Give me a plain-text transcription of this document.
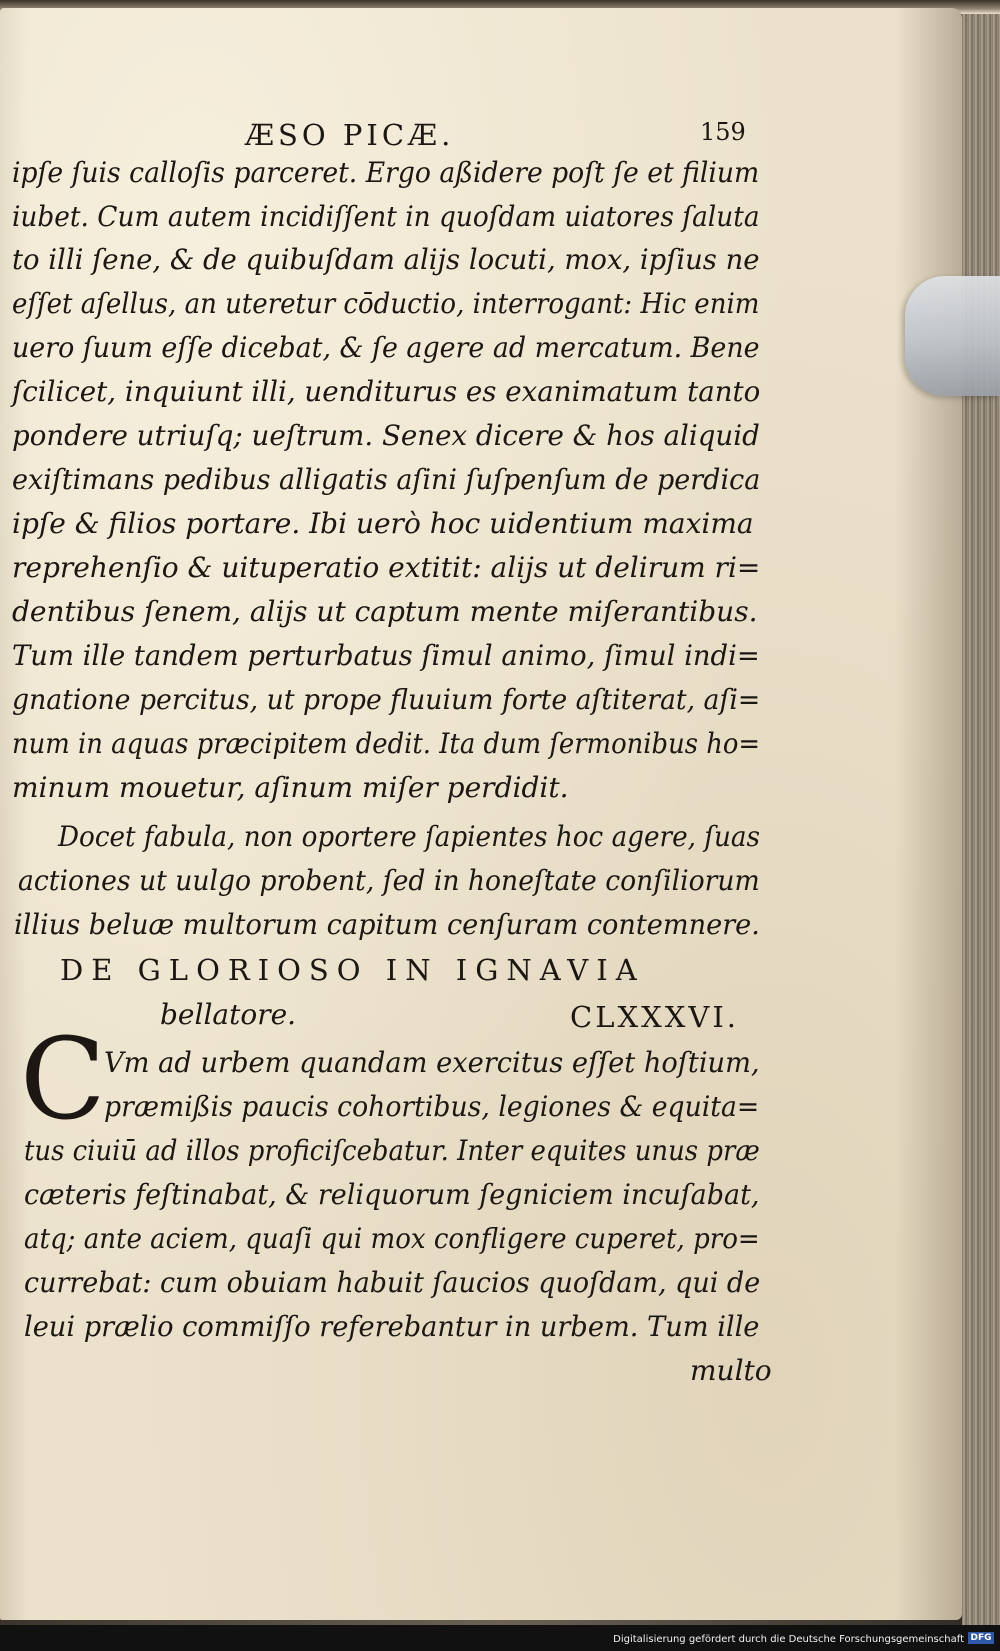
ÆSO PICÆ.	159
ipſe ſuis calloſis parceret. Ergo aßidere poſt ſe et filium
iubet. Cum autem incidiſſent in quoſdam uiatores ſaluta
to illi ſene, & de quibuſdam alijs locuti, mox, ipſius ne
eſſet aſellus, an uteretur cōductio, interrogant: Hic enim
uero ſuum eſſe dicebat, & ſe agere ad mercatum. Bene
ſcilicet, inquiunt illi, uenditurus es exanimatum tanto
pondere utriuſq; ueſtrum. Senex dicere & hos aliquid
exiſtimans pedibus alligatis aſini ſuſpenſum de perdica
ipſe & filios portare. Ibi uerò hoc uidentium maxima
reprehenſio & uituperatio extitit: alijs ut delirum ri=
dentibus ſenem, alijs ut captum mente miſerantibus.
Tum ille tandem perturbatus ſimul animo, ſimul indi=
gnatione percitus, ut prope fluuium forte aſtiterat, aſi=
num in aquas præcipitem dedit. Ita dum ſermonibus ho=
minum mouetur, aſinum miſer perdidit.
Docet fabula, non oportere ſapientes hoc agere, ſuas
actiones ut uulgo probent, ſed in honeſtate conſiliorum
illius beluæ multorum capitum cenſuram contemnere.
DE GLORIOSO IN IGNAVIA
bellatore.	CLXXXVI.
C
Vm ad urbem quandam exercitus eſſet hoſtium,
præmißis paucis cohortibus, legiones & equita=
tus ciuiū ad illos proficiſcebatur. Inter equites unus præ
cæteris feſtinabat, & reliquorum ſegniciem incuſabat,
atq; ante aciem, quaſi qui mox confligere cuperet, pro=
currebat: cum obuiam habuit ſaucios quoſdam, qui de
leui prælio commiſſo referebantur in urbem. Tum ille
multo
Digitalisierung gefördert durch die Deutsche Forschungsgemeinschaft DFG
